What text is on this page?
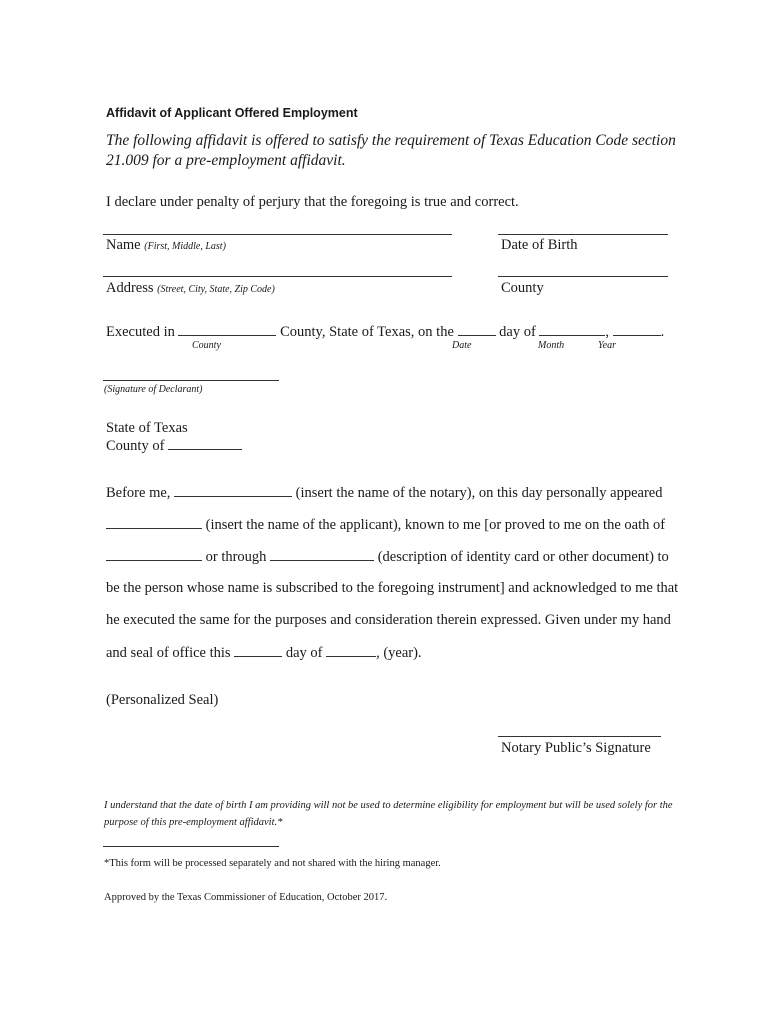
Affidavit of Applicant Offered Employment
The following affidavit is offered to satisfy the requirement of Texas Education Code section 21.009 for a pre-employment affidavit.
I declare under penalty of perjury that the foregoing is true and correct.
Name (First, Middle, Last)	Date of Birth
Address (Street, City, State, Zip Code)	County
Executed in	County, State of Texas, on the	day of	,	.
County	Date	Month	Year
(Signature of Declarant)
State of Texas
County of
Before me,	(insert the name of the notary), on this day personally appeared
(insert the name of the applicant), known to me [or proved to me on the oath of
or through	(description of identity card or other document) to
be the person whose name is subscribed to the foregoing instrument] and acknowledged to me that
he executed the same for the purposes and consideration therein expressed. Given under my hand
and seal of office this	day of	, (year).
(Personalized Seal)
Notary Public’s Signature
I understand that the date of birth I am providing will not be used to determine eligibility for employment but will be used solely for the purpose of this pre-employment affidavit.*
*This form will be processed separately and not shared with the hiring manager.
Approved by the Texas Commissioner of Education, October 2017.
